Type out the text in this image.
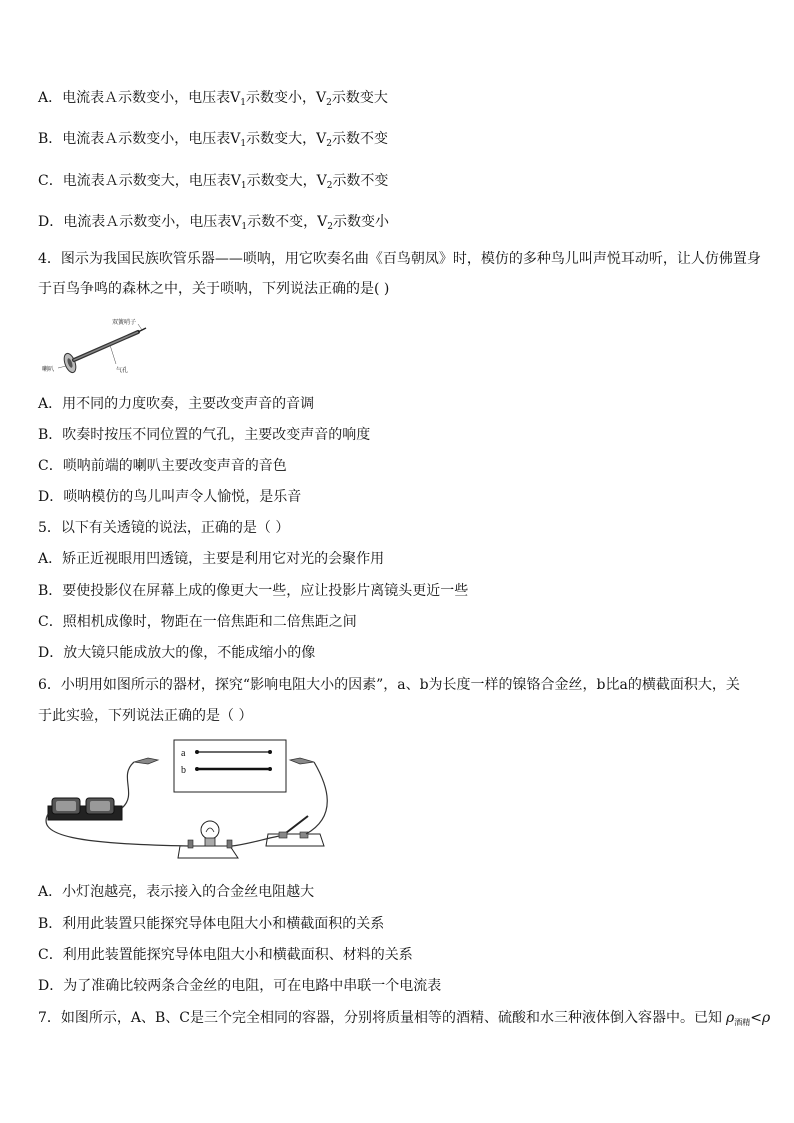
A．电流表Ａ示数变小，电压表$V_1$示数变小，$V_2$示数变大
B．电流表Ａ示数变小，电压表$V_1$示数变大，$V_2$示数不变
C．电流表Ａ示数变大，电压表$V_1$示数变大，$V_2$示数不变
D．电流表Ａ示数变小，电压表$V_1$示数不变，$V_2$示数变小
4．图示为我国民族吹管乐器——唢呐，用它吹奏名曲《百鸟朝凤》时，模仿的多种鸟儿叫声悦耳动听，让人仿佛置身
于百鸟争鸣的森林之中，关于唢呐，下列说法正确的是( )
双簧哨子
喇叭	气孔
A．用不同的力度吹奏，主要改变声音的音调
B．吹奏时按压不同位置的气孔，主要改变声音的响度
C．唢呐前端的喇叭主要改变声音的音色
D．唢呐模仿的鸟儿叫声令人愉悦，是乐音
5．以下有关透镜的说法，正确的是（ ）
A．矫正近视眼用凹透镜，主要是利用它对光的会聚作用
B．要使投影仪在屏幕上成的像更大一些，应让投影片离镜头更近一些
C．照相机成像时，物距在一倍焦距和二倍焦距之间
D．放大镜只能成放大的像，不能成缩小的像
6．小明用如图所示的器材，探究“影响电阻大小的因素”，a、b为长度一样的镍铬合金丝，b比a的横截面积大，关
于此实验，下列说法正确的是（ ）
a
b
A．小灯泡越亮，表示接入的合金丝电阻越大
B．利用此装置只能探究导体电阻大小和横截面积的关系
C．利用此装置能探究导体电阻大小和横截面积、材料的关系
D．为了准确比较两条合金丝的电阻，可在电路中串联一个电流表
7．如图所示，A、B、C是三个完全相同的容器，分别将质量相等的酒精、硫酸和水三种液体倒入容器中。已知 $\rho_{酒精}<\rho$
